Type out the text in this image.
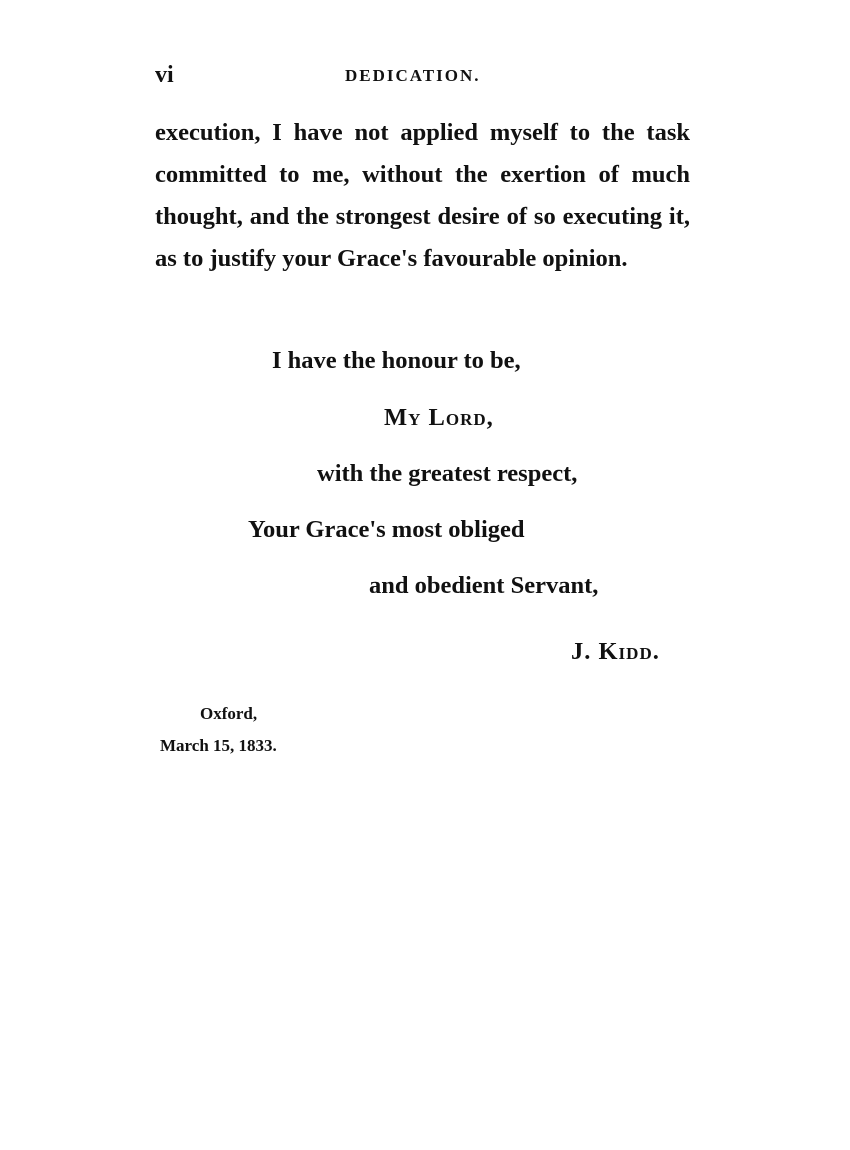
vi	DEDICATION.

execution, I have not applied myself to the task committed to me, without the exertion of much thought, and the strongest desire of so executing it, as to justify your Grace's favourable opinion.

I have the honour to be,
My Lord,
with the greatest respect,
Your Grace's most obliged
and obedient Servant,
J. Kidd.
Oxford,
March 15, 1833.
